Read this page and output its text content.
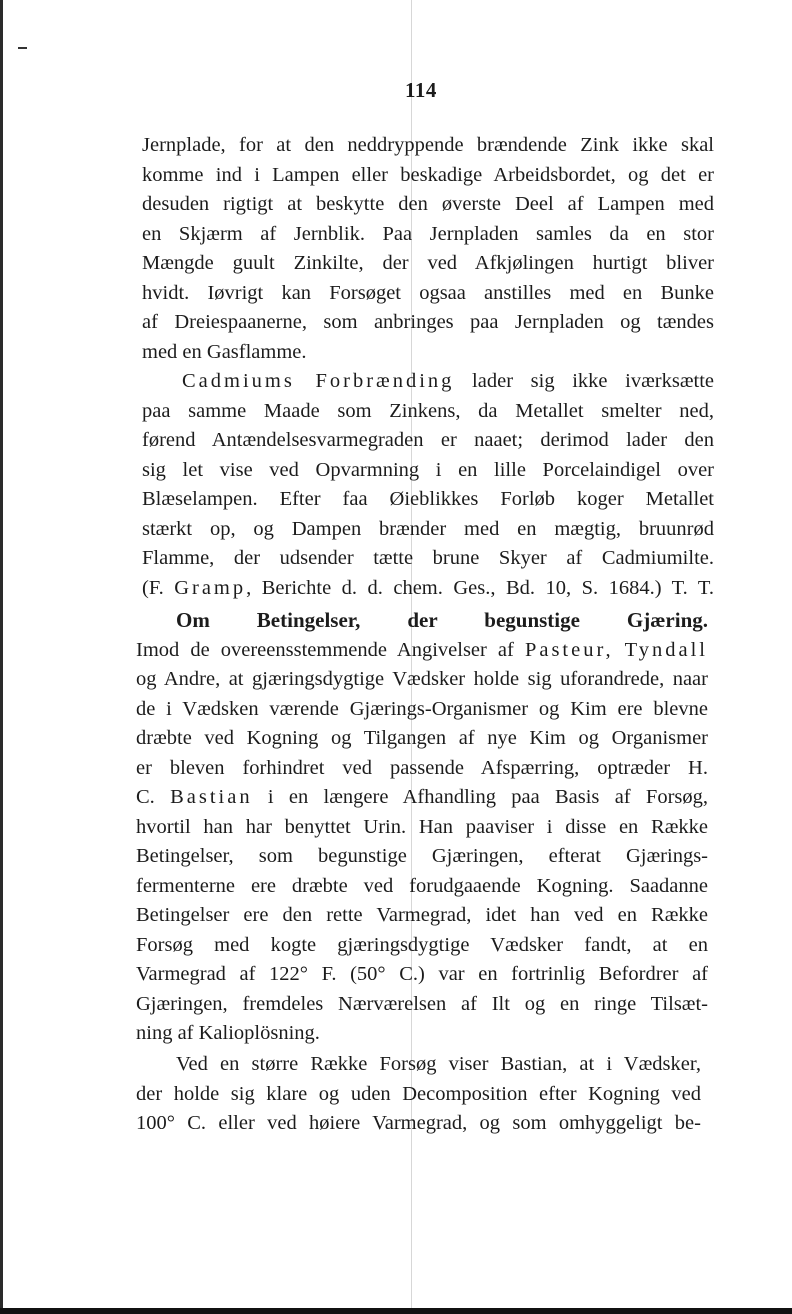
114
Jernplade, for at den neddryppende brændende Zink ikke skal
komme ind i Lampen eller beskadige Arbeidsbordet, og det er
desuden rigtigt at beskytte den øverste Deel af Lampen med
en Skjærm af Jernblik. Paa Jernpladen samles da en stor
Mængde guult Zinkilte, der ved Afkjølingen hurtigt bliver
hvidt. Iøvrigt kan Forsøget ogsaa anstilles med en Bunke
af Dreiespaanerne, som anbringes paa Jernpladen og tændes
med en Gasflamme.
Cadmiums Forbrænding lader sig ikke iværksætte
paa samme Maade som Zinkens, da Metallet smelter ned,
førend Antændelsesvarmegraden er naaet; derimod lader den
sig let vise ved Opvarmning i en lille Porcelaindigel over
Blæselampen. Efter faa Øieblikkes Forløb koger Metallet
stærkt op, og Dampen brænder med en mægtig, bruunrød
Flamme, der udsender tætte brune Skyer af Cadmiumilte.
(F. Gramp, Berichte d. d. chem. Ges., Bd. 10, S. 1684.) T. T.
Om Betingelser, der begunstige Gjæring.
Imod de overeensstemmende Angivelser af Pasteur, Tyndall
og Andre, at gjæringsdygtige Vædsker holde sig uforandrede, naar
de i Vædsken værende Gjærings-Organismer og Kim ere blevne
dræbte ved Kogning og Tilgangen af nye Kim og Organismer
er bleven forhindret ved passende Afspærring, optræder H.
C. Bastian i en længere Afhandling paa Basis af Forsøg,
hvortil han har benyttet Urin. Han paaviser i disse en Række
Betingelser, som begunstige Gjæringen, efterat Gjærings-
fermenterne ere dræbte ved forudgaaende Kogning. Saadanne
Betingelser ere den rette Varmegrad, idet han ved en Række
Forsøg med kogte gjæringsdygtige Vædsker fandt, at en
Varmegrad af 122° F. (50° C.) var en fortrinlig Befordrer af
Gjæringen, fremdeles Nærværelsen af Ilt og en ringe Tilsæt-
ning af Kalioplösning.
Ved en større Række Forsøg viser Bastian, at i Vædsker,
der holde sig klare og uden Decomposition efter Kogning ved
100° C. eller ved høiere Varmegrad, og som omhyggeligt be-
